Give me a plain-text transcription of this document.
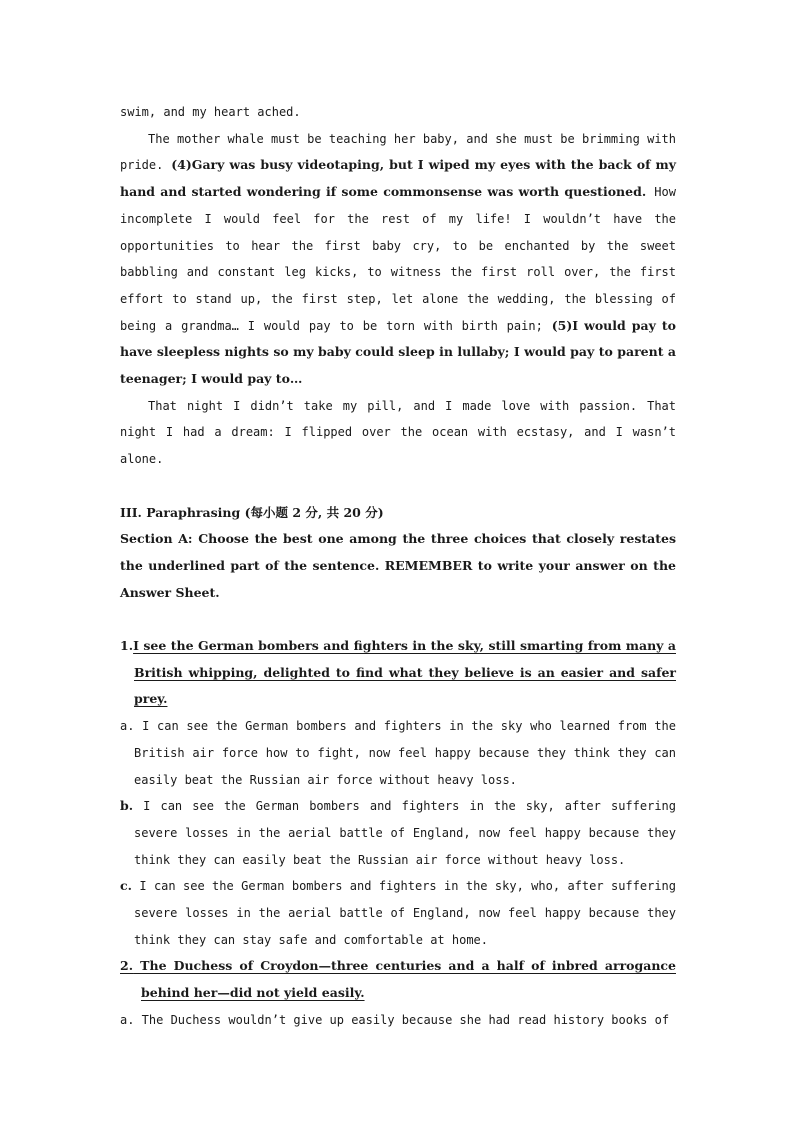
swim, and my heart ached.

The mother whale must be teaching her baby, and she must be brimming with pride. (4)Gary was busy videotaping, but I wiped my eyes with the back of my hand and started wondering if some commonsense was worth questioned. How incomplete I would feel for the rest of my life! I wouldn’t have the opportunities to hear the first baby cry, to be enchanted by the sweet babbling and constant leg kicks, to witness the first roll over, the first effort to stand up, the first step, let alone the wedding, the blessing of being a grandma… I would pay to be torn with birth pain; (5)I would pay to have sleepless nights so my baby could sleep in lullaby; I would pay to parent a teenager; I would pay to…

That night I didn’t take my pill, and I made love with passion. That night I had a dream: I flipped over the ocean with ecstasy, and I wasn’t alone.

III. Paraphrasing (每小题 2 分, 共 20 分)

Section A: Choose the best one among the three choices that closely restates the underlined part of the sentence. REMEMBER to write your answer on the Answer Sheet.

1.I see the German bombers and fighters in the sky, still smarting from many a British whipping, delighted to find what they believe is an easier and safer prey.

a. I can see the German bombers and fighters in the sky who learned from the British air force how to fight, now feel happy because they think they can easily beat the Russian air force without heavy loss.

b. I can see the German bombers and fighters in the sky, after suffering severe losses in the aerial battle of England, now feel happy because they think they can easily beat the Russian air force without heavy loss.

c. I can see the German bombers and fighters in the sky, who, after suffering severe losses in the aerial battle of England, now feel happy because they think they can stay safe and comfortable at home.

2. The Duchess of Croydon—three centuries and a half of inbred arrogance behind her—did not yield easily.

a. The Duchess wouldn’t give up easily because she had read history books of
